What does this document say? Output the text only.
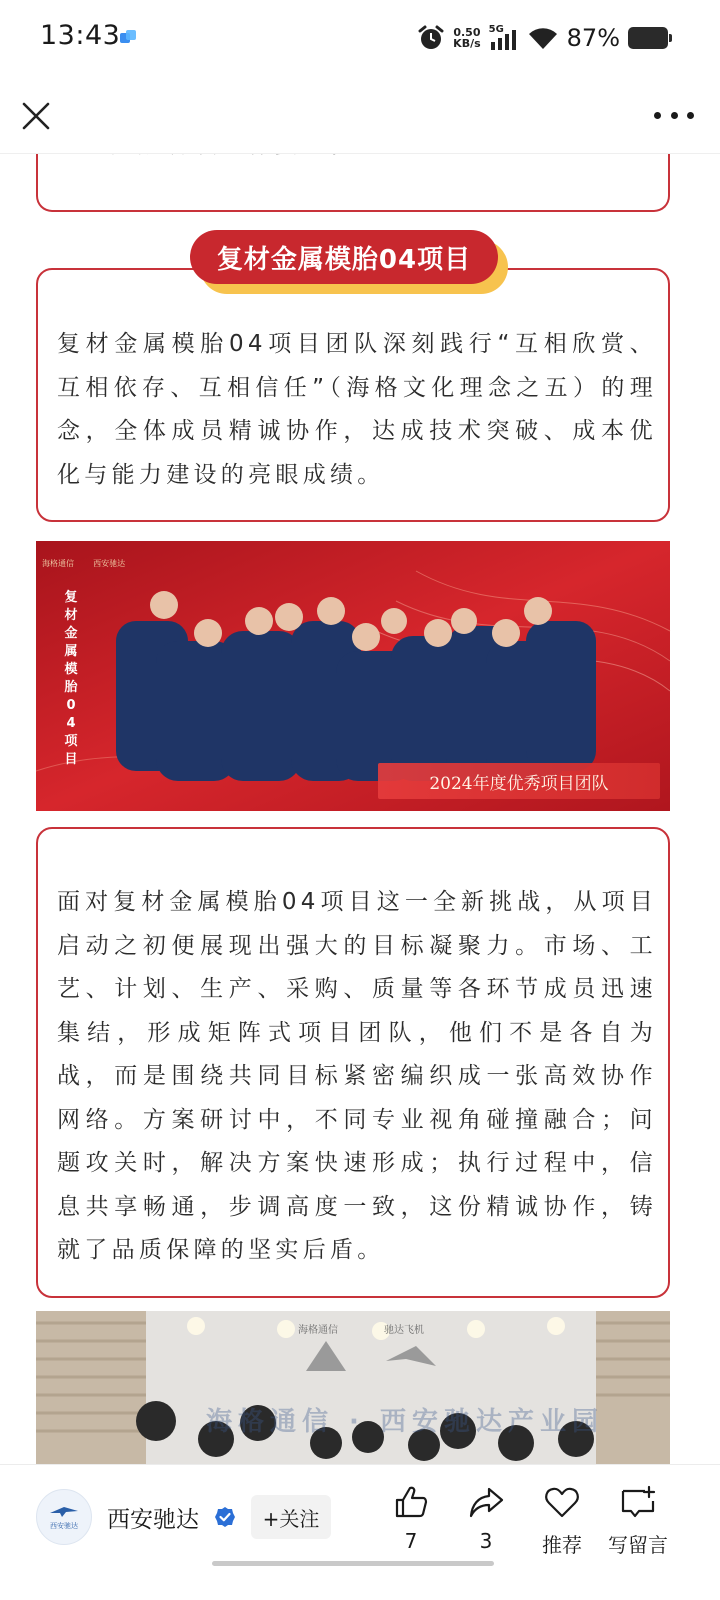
13:43	0.50
KB/s
5G	87%

复材金属模胎04项目团队深刻践行“互相欣赏、互相依存、互相信任”（海格文化理念之五）的理念，全体成员精诚协作，达成技术突破、成本优化与能力建设的亮眼成绩。

复材金属模胎04项目
海格通信 西安驰达
复材金属模胎04项目
2024年度优秀项目团队

面对复材金属模胎04项目这一全新挑战，从项目启动之初便展现出强大的目标凝聚力。市场、工艺、计划、生产、采购、质量等各环节成员迅速集结，形成矩阵式项目团队，他们不是各自为战，而是围绕共同目标紧密编织成一张高效协作网络。方案研讨中，不同专业视角碰撞融合；问题攻关时，解决方案快速形成；执行过程中，信息共享畅通，步调高度一致，这份精诚协作，铸就了品质保障的坚实后盾。

海格通信	驰达飞机
海格通信 · 西安驰达产业园
西安驰达 西安驰达	+关注
7	3	推荐	写留言
